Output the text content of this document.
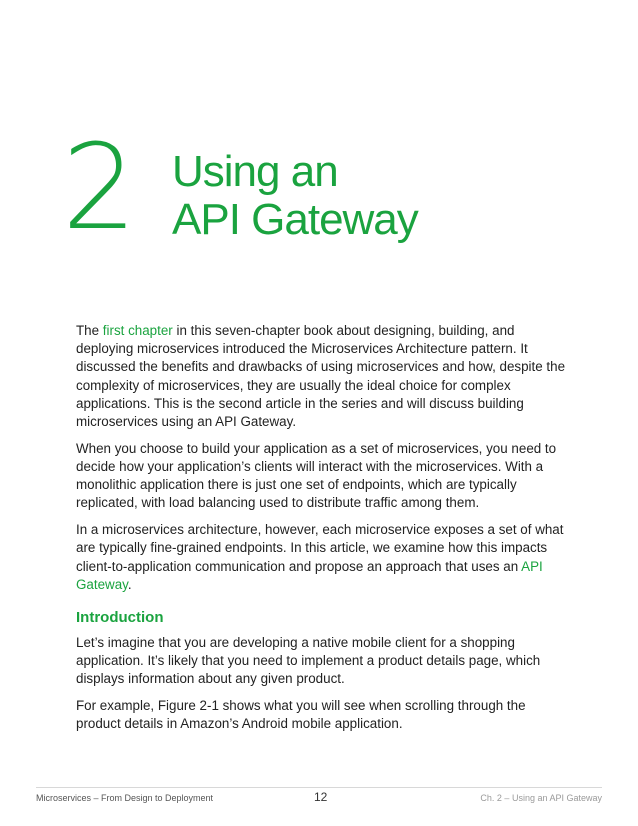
2 Using an
API Gateway

The first chapter in this seven-chapter book about designing, building, and deploying microservices introduced the Microservices Architecture pattern. It discussed the benefits and drawbacks of using microservices and how, despite the complexity of microservices, they are usually the ideal choice for complex applications. This is the second article in the series and will discuss building microservices using an API Gateway.

When you choose to build your application as a set of microservices, you need to decide how your application’s clients will interact with the microservices. With a monolithic application there is just one set of endpoints, which are typically replicated, with load balancing used to distribute traffic among them.

In a microservices architecture, however, each microservice exposes a set of what are typically fine-grained endpoints. In this article, we examine how this impacts client-to-application communication and propose an approach that uses an API Gateway.

Introduction

Let’s imagine that you are developing a native mobile client for a shopping application. It’s likely that you need to implement a product details page, which displays information about any given product.

For example, Figure 2-1 shows what you will see when scrolling through the product details in Amazon’s Android mobile application.

Microservices – From Design to Deployment	12	Ch. 2 – Using an API Gateway
